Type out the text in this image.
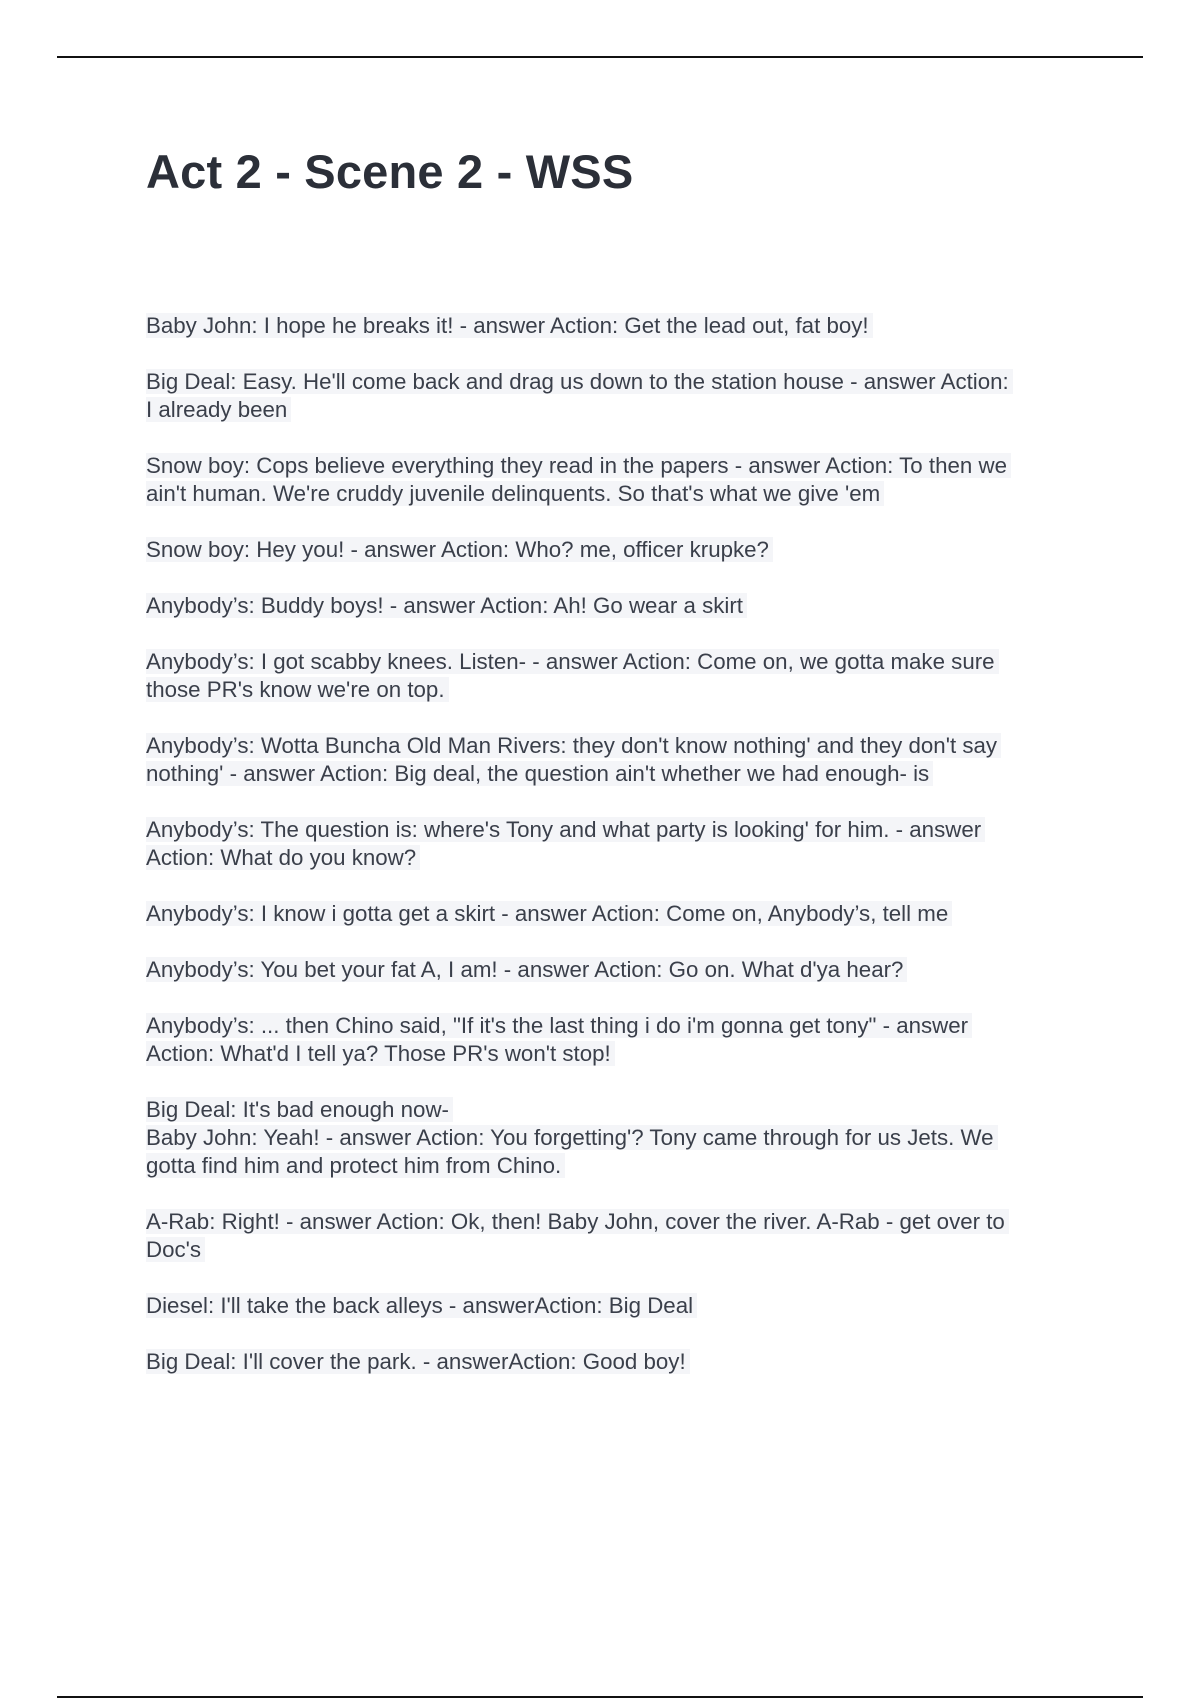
Act 2 - Scene 2 - WSS
Baby John: I hope he breaks it! - answer Action: Get the lead out, fat boy!
Big Deal: Easy. He'll come back and drag us down to the station house - answer Action:
I already been
Snow boy: Cops believe everything they read in the papers - answer Action: To then we
ain't human. We're cruddy juvenile delinquents. So that's what we give 'em
Snow boy: Hey you! - answer Action: Who? me, officer krupke?
Anybody’s: Buddy boys! - answer Action: Ah! Go wear a skirt
Anybody’s: I got scabby knees. Listen- - answer Action: Come on, we gotta make sure
those PR's know we're on top.
Anybody’s: Wotta Buncha Old Man Rivers: they don't know nothing' and they don't say
nothing' - answer Action: Big deal, the question ain't whether we had enough- is
Anybody’s: The question is: where's Tony and what party is looking' for him. - answer
Action: What do you know?
Anybody’s: I know i gotta get a skirt - answer Action: Come on, Anybody’s, tell me
Anybody’s: You bet your fat A, I am! - answer Action: Go on. What d'ya hear?
Anybody’s: ... then Chino said, "If it's the last thing i do i'm gonna get tony" - answer
Action: What'd I tell ya? Those PR's won't stop!
Big Deal: It's bad enough now-
Baby John: Yeah! - answer Action: You forgetting'? Tony came through for us Jets. We
gotta find him and protect him from Chino.
A-Rab: Right! - answer Action: Ok, then! Baby John, cover the river. A-Rab - get over to
Doc's
Diesel: I'll take the back alleys - answerAction: Big Deal
Big Deal: I'll cover the park. - answerAction: Good boy!
